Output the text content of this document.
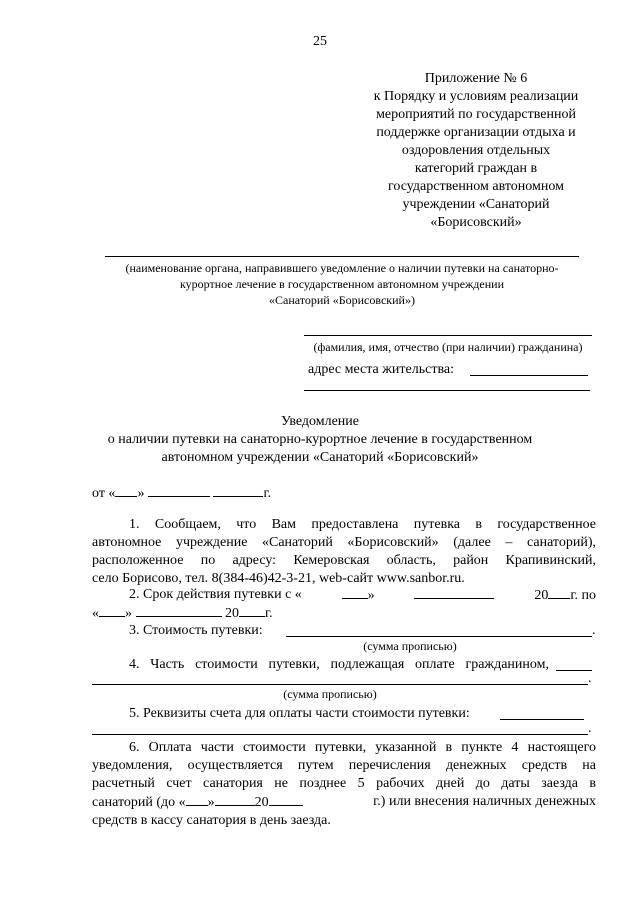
25
Приложение № 6
к Порядку и условиям реализации
мероприятий по государственной
поддержке организации отдыха и
оздоровления отдельных
категорий граждан в
государственном автономном
учреждении «Санаторий
«Борисовский»
(наименование органа, направившего уведомление о наличии путевки на санаторно-
курортное лечение в государственном автономном учреждении
«Санаторий «Борисовский»)
(фамилия, имя, отчество (при наличии) гражданина)
адрес места жительства:
Уведомление
о наличии путевки на санаторно-курортное лечение в государственном
автономном учреждении «Санаторий «Борисовский»
от « »	г.
1. Сообщаем, что Вам предоставлена путевка в государственное
автономное учреждение «Санаторий «Борисовский» (далее – санаторий),
расположенное по адресу: Кемеровская область, район Крапивинский,
село Борисово, тел. 8(384-46)42-3-21, web-сайт www.sanbor.ru.
2. Срок действия путевки с «	»	20 г. по
« »	20 г.
3. Стоимость путевки:	.
(сумма прописью)
4. Часть стоимости путевки, подлежащая оплате гражданином,
.
(сумма прописью)
5. Реквизиты счета для оплаты части стоимости путевки:
.
6. Оплата части стоимости путевки, указанной в пункте 4 настоящего
уведомления, осуществляется путем перечисления денежных средств на
расчетный счет санатория не позднее 5 рабочих дней до даты заезда в
санаторий (до « »	20	г.) или внесения наличных денежных
средств в кассу санатория в день заезда.
